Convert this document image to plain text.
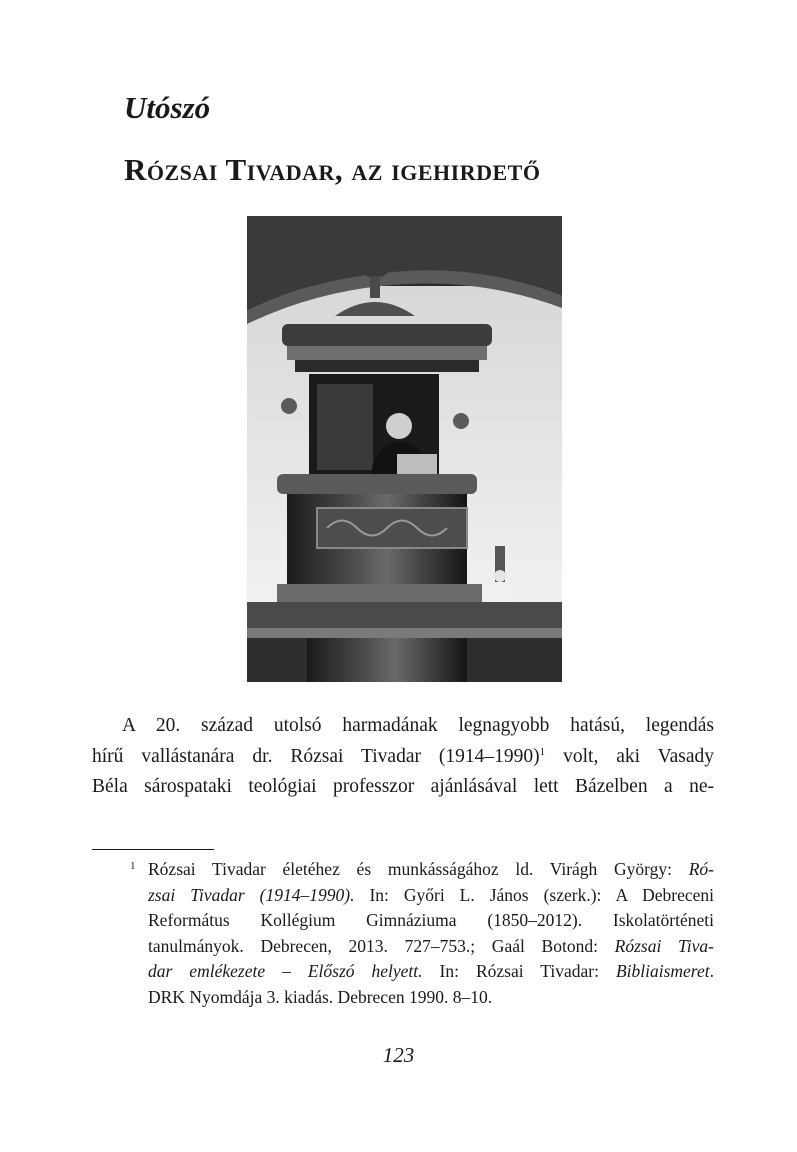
Utószó
Rózsai Tivadar, az igehirdető

A 20. század utolsó harmadának legnagyobb hatású, legendás
hírű vallástanára dr. Rózsai Tivadar (1914–1990)$^1$ volt, aki Vasady
Béla sárospataki teológiai professzor ajánlásával lett Bázelben a ne-

1 Rózsai Tivadar életéhez és munkásságához ld. Virágh György: Ró-
zsai Tivadar (1914–1990). In: Győri L. János (szerk.): A Debreceni
Református Kollégium Gimnáziuma (1850–2012). Iskolatörténeti
tanulmányok. Debrecen, 2013. 727–753.; Gaál Botond: Rózsai Tiva-
dar emlékezete – Előszó helyett. In: Rózsai Tivadar: Bibliaismeret.
DRK Nyomdája 3. kiadás. Debrecen 1990. 8–10.

123
